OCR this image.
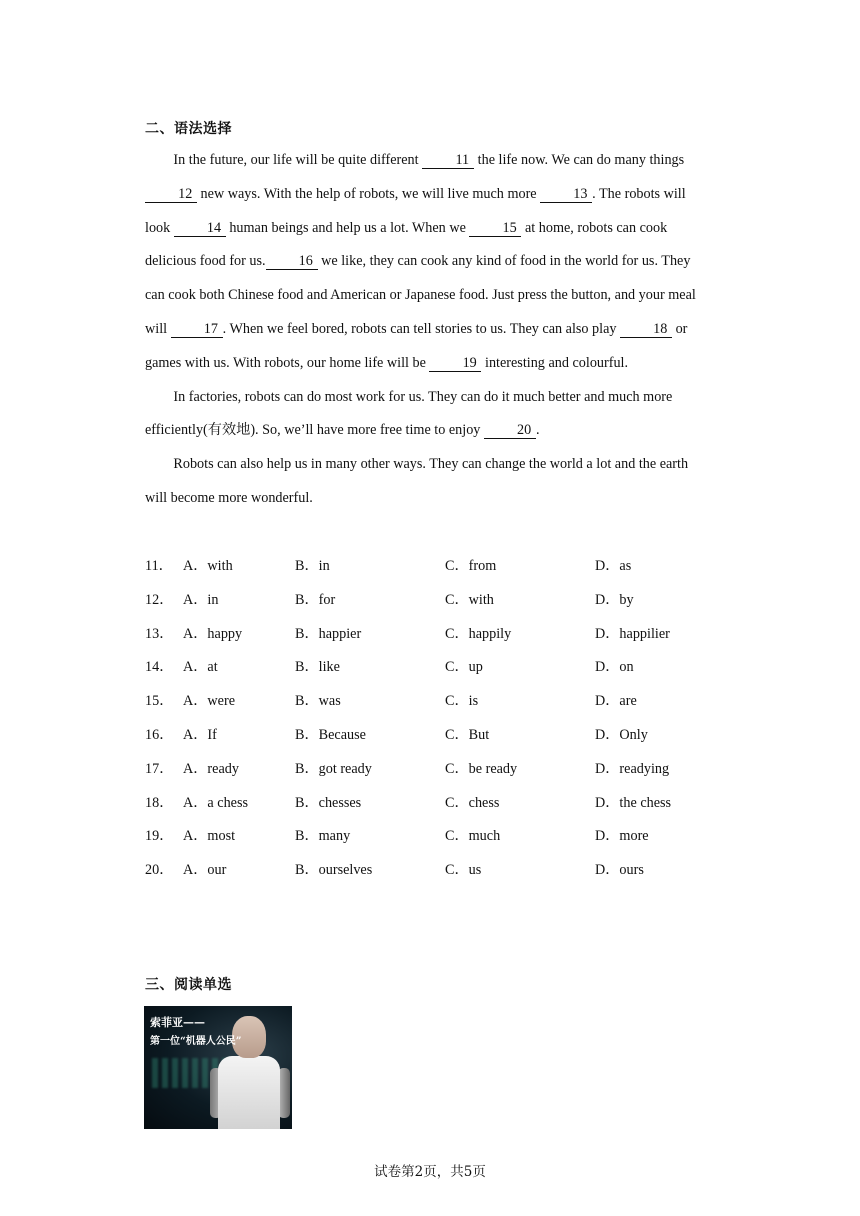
二、语法选择

In the future, our life will be quite different 11 the life now. We can do many things 12 new ways. With the help of robots, we will live much more 13 . The robots will look 14 human beings and help us a lot. When we 15 at home, robots can cook delicious food for us. 16 we like, they can cook any kind of food in the world for us. They can cook both Chinese food and American or Japanese food. Just press the button, and your meal will 17 . When we feel bored, robots can tell stories to us. They can also play 18 or games with us. With robots, our home life will be 19 interesting and colourful.

In factories, robots can do most work for us. They can do it much better and much more efficiently(有效地). So, we’ll have more free time to enjoy 20 .

Robots can also help us in many other ways. They can change the world a lot and the earth will become more wonderful.

11． A．with	B．in	C．from	D．as
12． A．in	B．for	C．with	D．by
13． A．happy	B．happier	C．happily	D．happilier
14． A．at	B．like	C．up	D．on
15． A．were	B．was	C．is	D．are
16． A．If	B．Because	C．But	D．Only
17． A．ready	B．got ready	C．be ready	D．readying
18． A．a chess	B．chesses	C．chess	D．the chess
19． A．most	B．many	C．much	D．more
20． A．our	B．ourselves	C．us	D．ours
三、阅读单选
索菲亚——
第一位“机器人公民”
试卷第2页，共5页
